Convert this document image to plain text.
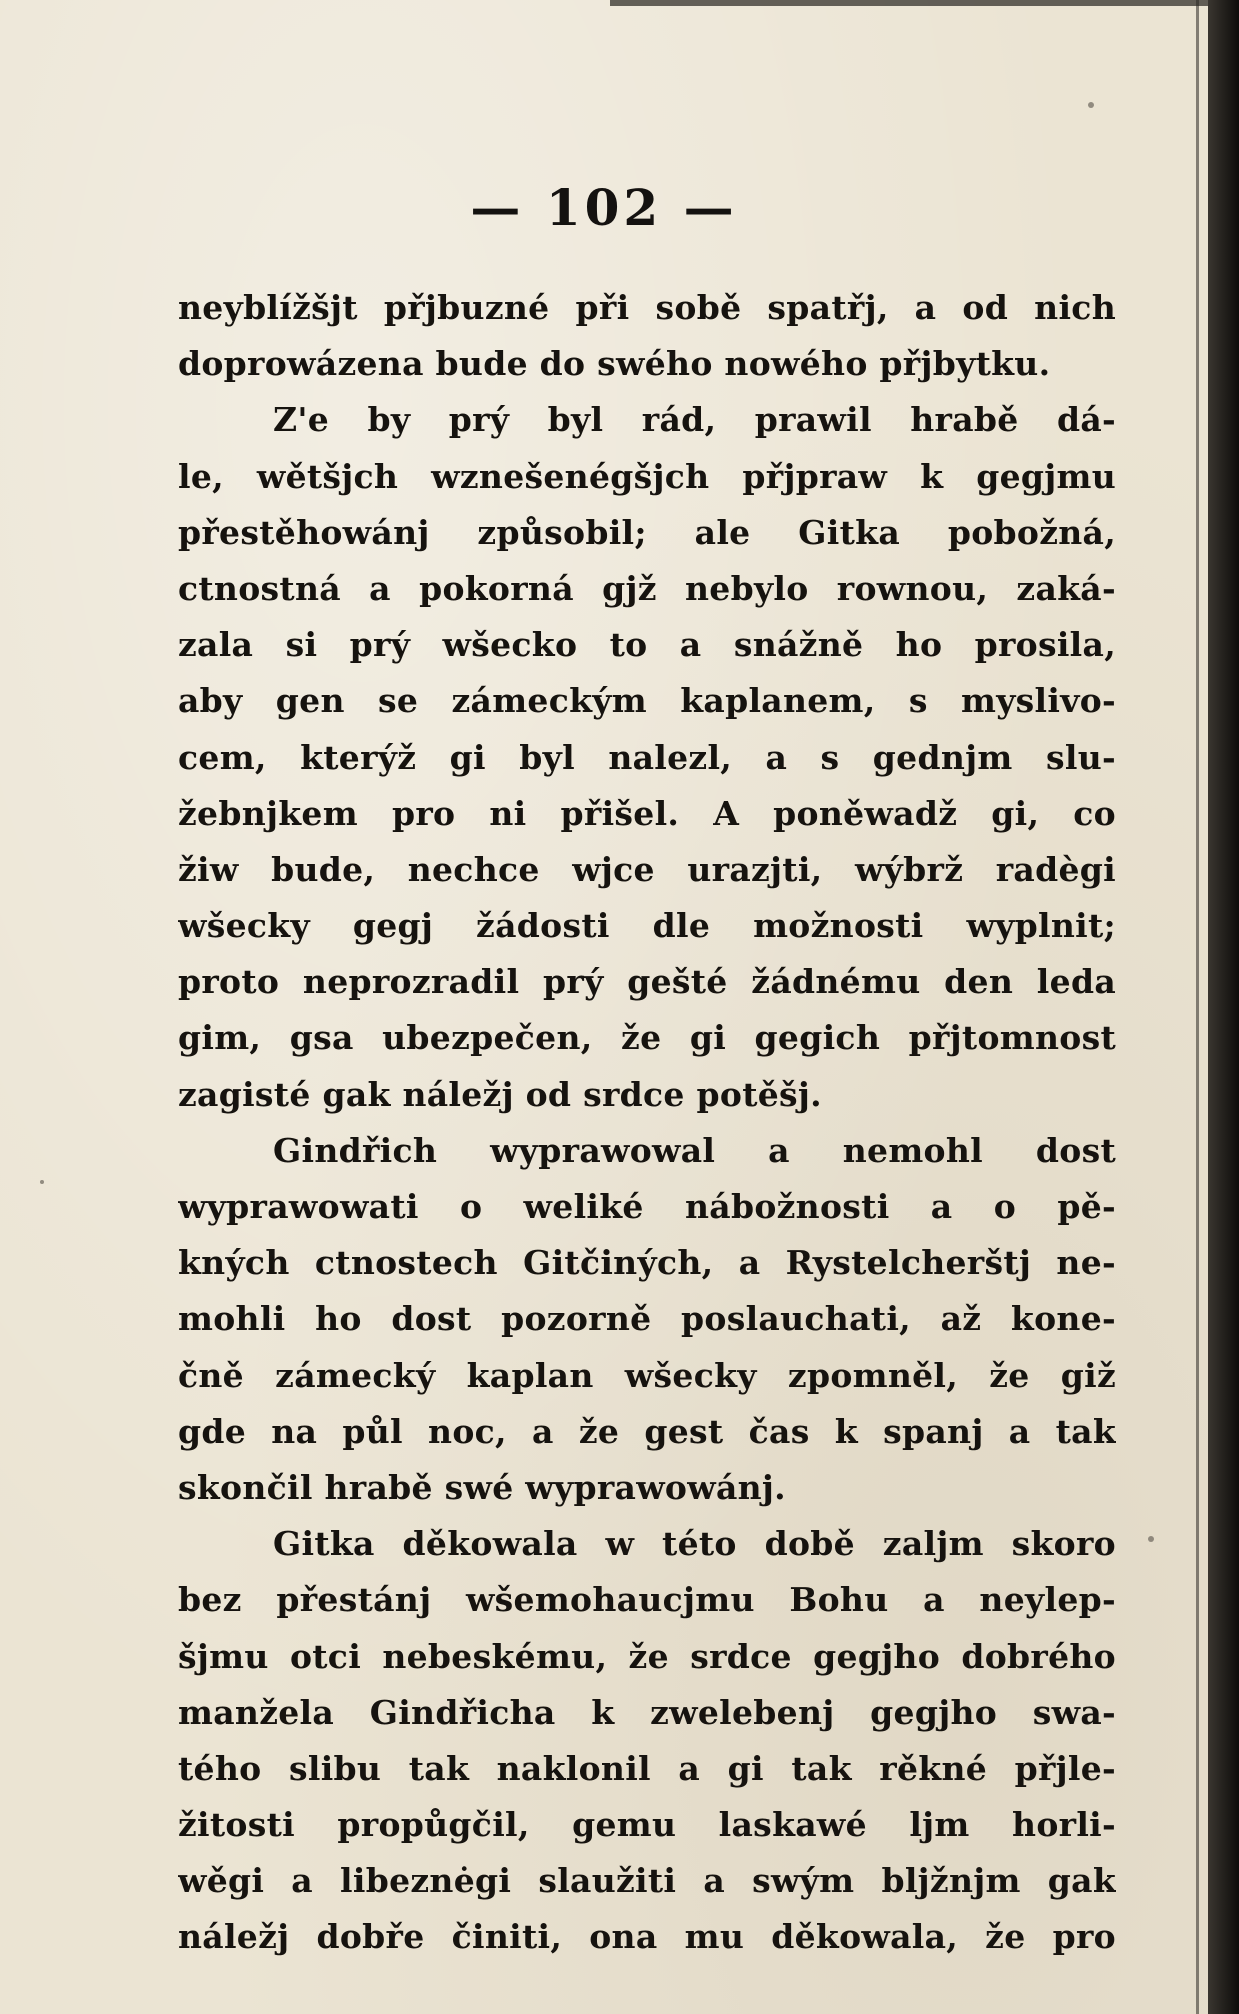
— 102 —
neyblížšjt přjbuzné při sobě spatřj, a od nich
doprowázena bude do swého nowého přjbytku.
Z'e by prý byl rád, prawil hrabě dá-
le, wětšjch wznešenégšjch přjpraw k gegjmu
přestěhowánj způsobil; ale Gitka pobožná,
ctnostná a pokorná gjž nebylo rownou, zaká-
zala si prý wšecko to a snážně ho prosila,
aby gen se zámeckým kaplanem, s myslivo-
cem, kterýž gi byl nalezl, a s gednjm slu-
žebnjkem pro ni přišel. A poněwadž gi, co
žiw bude, nechce wjce urazjti, wýbrž radègi
wšecky gegj žádosti dle možnosti wyplnit;
proto neprozradil prý gešté žádnému den leda
gim, gsa ubezpečen, že gi gegich přjtomnost
zagisté gak náležj od srdce potěšj.
Gindřich wyprawowal a nemohl dost
wyprawowati o weliké nábožnosti a o pě-
kných ctnostech Gitčiných, a Rystelcherštj ne-
mohli ho dost pozorně poslauchati, až kone-
čně zámecký kaplan wšecky zpomněl, že giž
gde na půl noc, a že gest čas k spanj a tak
skončil hrabě swé wyprawowánj.
Gitka děkowala w této době zaljm skoro
bez přestánj wšemohaucjmu Bohu a neylep-
šjmu otci nebeskému, že srdce gegjho dobrého
manžela Gindřicha k zwelebenj gegjho swa-
tého slibu tak naklonil a gi tak rěkné přjle-
žitosti propůgčil, gemu laskawé ljm horli-
wěgi a libeznėgi slaužiti a swým bljžnjm gak
náležj dobře činiti, ona mu děkowala, že pro
